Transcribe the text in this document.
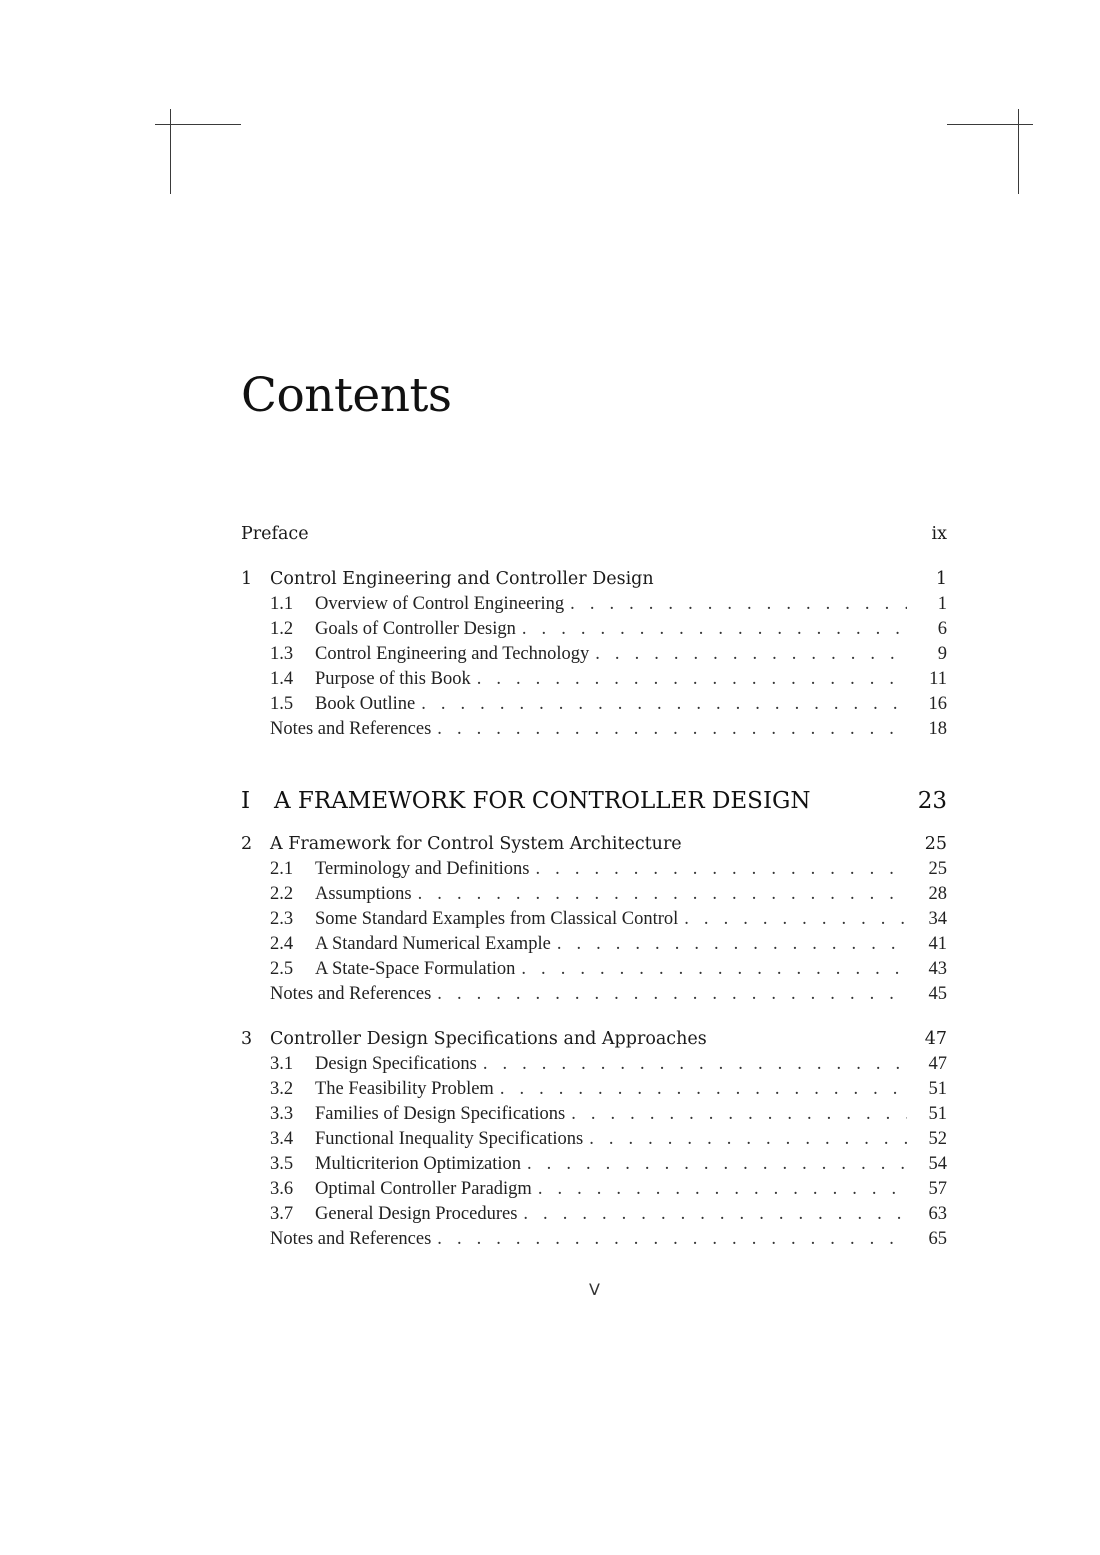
Contents
Preface	ix
1	Control Engineering and Controller Design	1
1.1	Overview of Control Engineering . . .	1
1.2	Goals of Controller Design . . .	6
1.3	Control Engineering and Technology . . .	9
1.4	Purpose of this Book . . .	11
1.5	Book Outline . . .	16
Notes and References . . .	18
I	A FRAMEWORK FOR CONTROLLER DESIGN	23
2	A Framework for Control System Architecture	25
2.1	Terminology and Definitions . . .	25
2.2	Assumptions . . .	28
2.3	Some Standard Examples from Classical Control . . .	34
2.4	A Standard Numerical Example . . .	41
2.5	A State-Space Formulation . . .	43
Notes and References . . .	45
3	Controller Design Specifications and Approaches	47
3.1	Design Specifications . . .	47
3.2	The Feasibility Problem . . .	51
3.3	Families of Design Specifications . . .	51
3.4	Functional Inequality Specifications . . .	52
3.5	Multicriterion Optimization . . .	54
3.6	Optimal Controller Paradigm . . .	57
3.7	General Design Procedures . . .	63
Notes and References . . .	65
V
